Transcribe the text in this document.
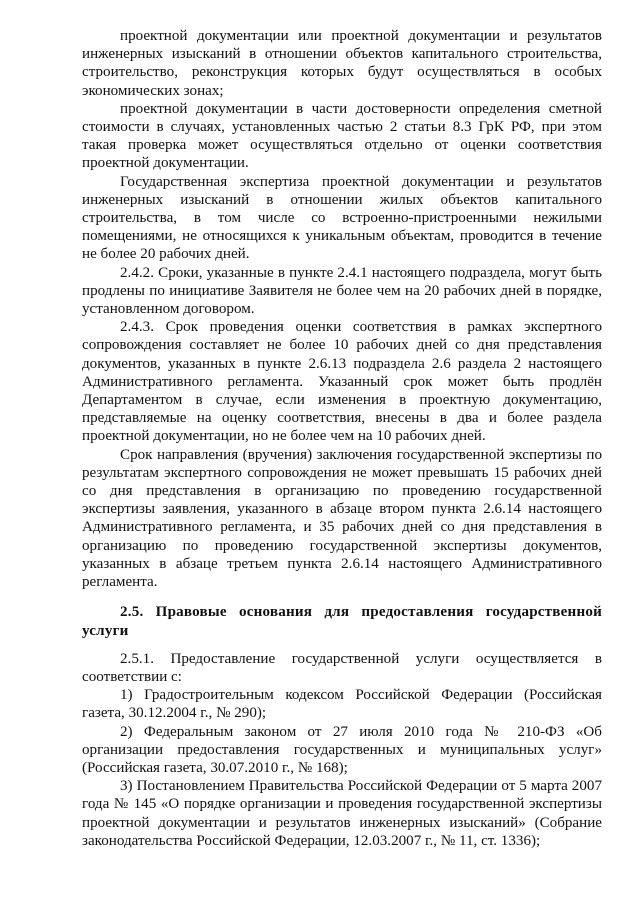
проектной документации или проектной документации и результатов инженерных изысканий в отношении объектов капитального строительства, строительство, реконструкция которых будут осуществляться в особых экономических зонах;

проектной документации в части достоверности определения сметной стоимости в случаях, установленных частью 2 статьи 8.3 ГрК РФ, при этом такая проверка может осуществляться отдельно от оценки соответствия проектной документации.

Государственная экспертиза проектной документации и результатов инженерных изысканий в отношении жилых объектов капитального строительства, в том числе со встроенно-пристроенными нежилыми помещениями, не относящихся к уникальным объектам, проводится в течение не более 20 рабочих дней.

2.4.2. Сроки, указанные в пункте 2.4.1 настоящего подраздела, могут быть продлены по инициативе Заявителя не более чем на 20 рабочих дней в порядке, установленном договором.

2.4.3. Срок проведения оценки соответствия в рамках экспертного сопровождения составляет не более 10 рабочих дней со дня представления документов, указанных в пункте 2.6.13 подраздела 2.6 раздела 2 настоящего Административного регламента. Указанный срок может быть продлён Департаментом в случае, если изменения в проектную документацию, представляемые на оценку соответствия, внесены в два и более раздела проектной документации, но не более чем на 10 рабочих дней.

Срок направления (вручения) заключения государственной экспертизы по результатам экспертного сопровождения не может превышать 15 рабочих дней со дня представления в организацию по проведению государственной экспертизы заявления, указанного в абзаце втором пункта 2.6.14 настоящего Административного регламента, и 35 рабочих дней со дня представления в организацию по проведению государственной экспертизы документов, указанных в абзаце третьем пункта 2.6.14 настоящего Административного регламента.

2.5. Правовые основания для предоставления государственной услуги

2.5.1. Предоставление государственной услуги осуществляется в соответствии с:

1) Градостроительным кодексом Российской Федерации (Российская газета, 30.12.2004 г., № 290);

2) Федеральным законом от 27 июля 2010 года № 210-ФЗ «Об организации предоставления государственных и муниципальных услуг» (Российская газета, 30.07.2010 г., № 168);

3) Постановлением Правительства Российской Федерации от 5 марта 2007 года № 145 «О порядке организации и проведения государственной экспертизы проектной документации и результатов инженерных изысканий» (Собрание законодательства Российской Федерации, 12.03.2007 г., № 11, ст. 1336);
